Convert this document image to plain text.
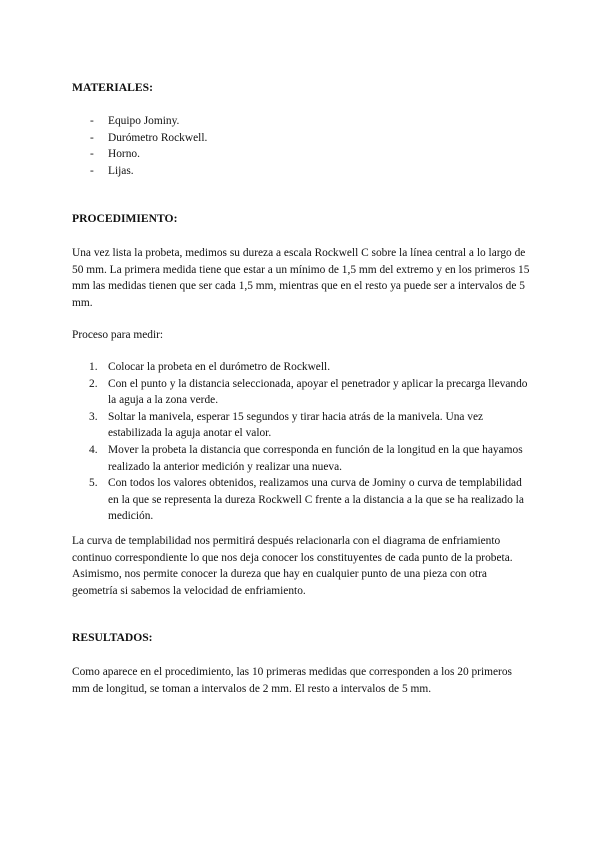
MATERIALES:
- Equipo Jominy.
- Durómetro Rockwell.
- Horno.
- Lijas.
PROCEDIMIENTO:
Una vez lista la probeta, medimos su dureza a escala Rockwell C sobre la línea central a lo largo de 50 mm. La primera medida tiene que estar a un mínimo de 1,5 mm del extremo y en los primeros 15 mm las medidas tienen que ser cada 1,5 mm, mientras que en el resto ya puede ser a intervalos de 5 mm.
Proceso para medir:
1. Colocar la probeta en el durómetro de Rockwell.
2. Con el punto y la distancia seleccionada, apoyar el penetrador y aplicar la precarga llevando la aguja a la zona verde.
3. Soltar la manivela, esperar 15 segundos y tirar hacia atrás de la manivela. Una vez estabilizada la aguja anotar el valor.
4. Mover la probeta la distancia que corresponda en función de la longitud en la que hayamos realizado la anterior medición y realizar una nueva.
5. Con todos los valores obtenidos, realizamos una curva de Jominy o curva de templabilidad en la que se representa la dureza Rockwell C frente a la distancia a la que se ha realizado la medición.
La curva de templabilidad nos permitirá después relacionarla con el diagrama de enfriamiento continuo correspondiente lo que nos deja conocer los constituyentes de cada punto de la probeta. Asimismo, nos permite conocer la dureza que hay en cualquier punto de una pieza con otra geometría si sabemos la velocidad de enfriamiento.
RESULTADOS:
Como aparece en el procedimiento, las 10 primeras medidas que corresponden a los 20 primeros mm de longitud, se toman a intervalos de 2 mm. El resto a intervalos de 5 mm.
